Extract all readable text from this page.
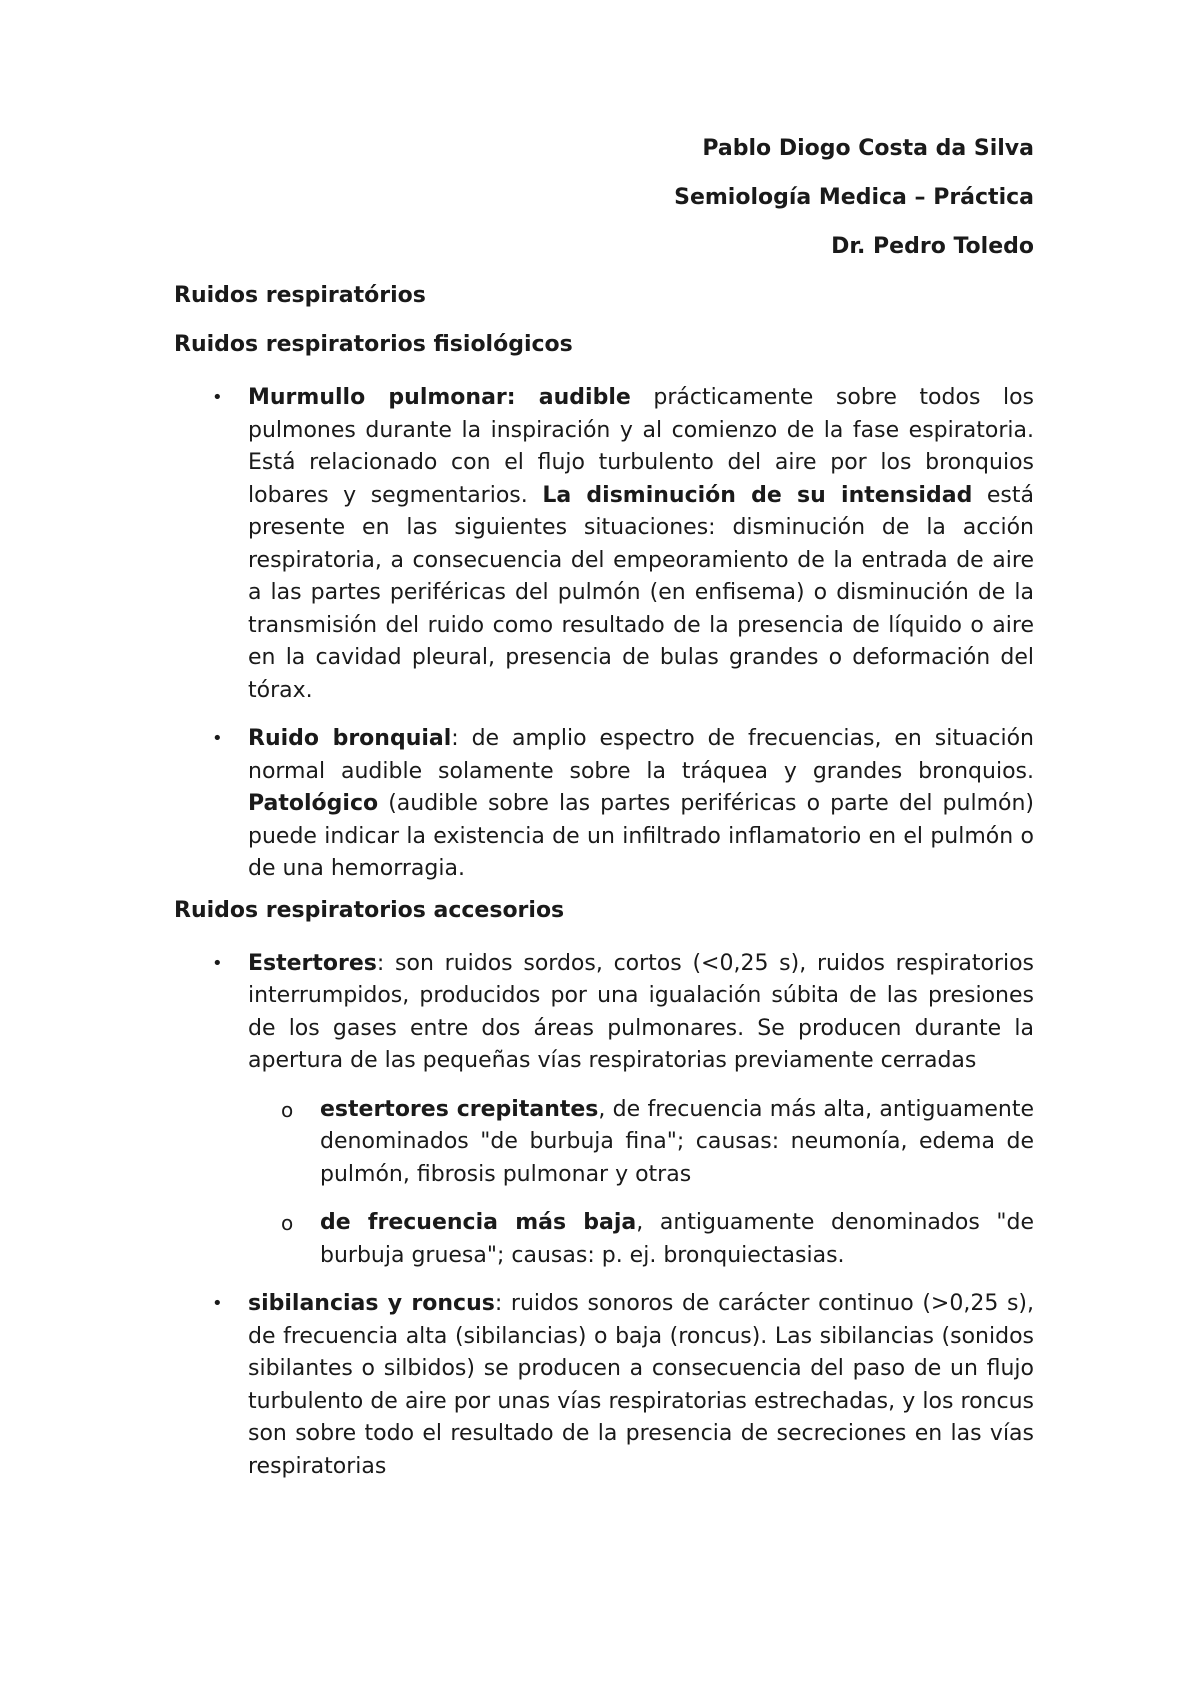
Pablo Diogo Costa da Silva
Semiología Medica – Práctica
Dr. Pedro Toledo

Ruidos respiratórios

Ruidos respiratorios fisiológicos

• Murmullo pulmonar: audible prácticamente sobre todos los pulmones durante la inspiración y al comienzo de la fase espiratoria. Está relacionado con el flujo turbulento del aire por los bronquios lobares y segmentarios. La disminución de su intensidad está presente en las siguientes situaciones: disminución de la acción respiratoria, a consecuencia del empeoramiento de la entrada de aire a las partes periféricas del pulmón (en enfisema) o disminución de la transmisión del ruido como resultado de la presencia de líquido o aire en la cavidad pleural, presencia de bulas grandes o deformación del tórax.
• Ruido bronquial: de amplio espectro de frecuencias, en situación normal audible solamente sobre la tráquea y grandes bronquios. Patológico (audible sobre las partes periféricas o parte del pulmón) puede indicar la existencia de un infiltrado inflamatorio en el pulmón o de una hemorragia.

Ruidos respiratorios accesorios

• Estertores: son ruidos sordos, cortos (<0,25 s), ruidos respiratorios interrumpidos, producidos por una igualación súbita de las presiones de los gases entre dos áreas pulmonares. Se producen durante la apertura de las pequeñas vías respiratorias previamente cerradas
o estertores crepitantes, de frecuencia más alta, antiguamente denominados "de burbuja fina"; causas: neumonía, edema de pulmón, fibrosis pulmonar y otras
o de frecuencia más baja, antiguamente denominados "de burbuja gruesa"; causas: p. ej. bronquiectasias.
• sibilancias y roncus: ruidos sonoros de carácter continuo (>0,25 s), de frecuencia alta (sibilancias) o baja (roncus). Las sibilancias (sonidos sibilantes o silbidos) se producen a consecuencia del paso de un flujo turbulento de aire por unas vías respiratorias estrechadas, y los roncus son sobre todo el resultado de la presencia de secreciones en las vías respiratorias
